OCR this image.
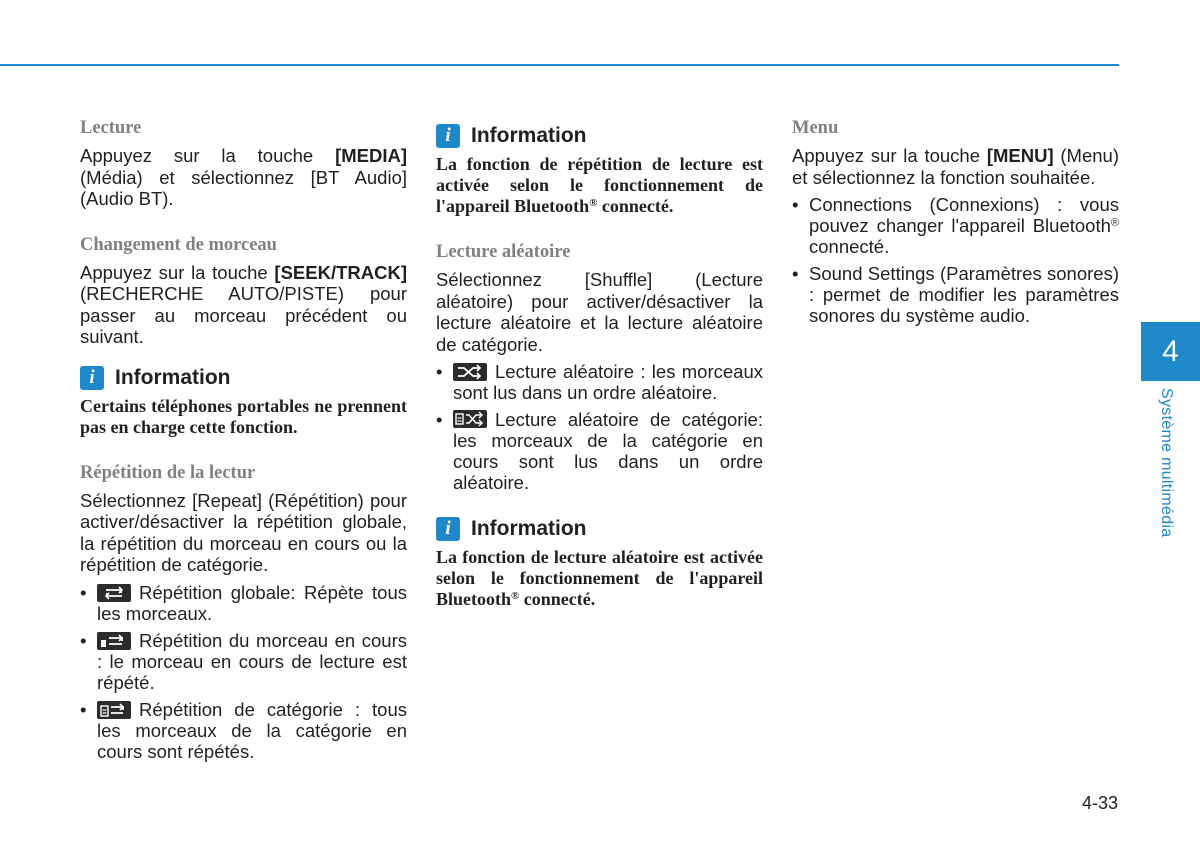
Lecture

Appuyez sur la touche [MEDIA] (Média) et sélectionnez [BT Audio] (Audio BT).

Changement de morceau

Appuyez sur la touche [SEEK/TRACK] (RECHERCHE AUTO/PISTE) pour passer au morceau précédent ou suivant.

i Information

Certains téléphones portables ne prennent pas en charge cette fonction.

Répétition de la lectur

Sélectionnez [Repeat] (Répétition) pour activer/désactiver la répétition globale, la répétition du morceau en cours ou la répétition de catégorie.

•	Répétition globale: Répète tous les morceaux.
•	Répétition du morceau en cours : le morceau en cours de lecture est répété.
•	Répétition de catégorie : tous les morceaux de la catégorie en cours sont répétés.
i Information

La fonction de répétition de lecture est activée selon le fonctionnement de l'appareil Bluetooth® connecté.

Lecture aléatoire

Sélectionnez [Shuffle] (Lecture aléatoire) pour activer/désactiver la lecture aléatoire et la lecture aléatoire de catégorie.

•	Lecture aléatoire : les morceaux sont lus dans un ordre aléatoire.
•	Lecture aléatoire de catégorie: les morceaux de la catégorie en cours sont lus dans un ordre aléatoire.
i Information

La fonction de lecture aléatoire est activée selon le fonctionnement de l'appareil Bluetooth® connecté.

Menu

Appuyez sur la touche [MENU] (Menu) et sélectionnez la fonction souhaitée.

• Connections (Connexions) : vous pouvez changer l'appareil Bluetooth® connecté.
• Sound Settings (Paramètres sonores) : permet de modifier les paramètres sonores du système audio.
4
Système multimédia
4-33
